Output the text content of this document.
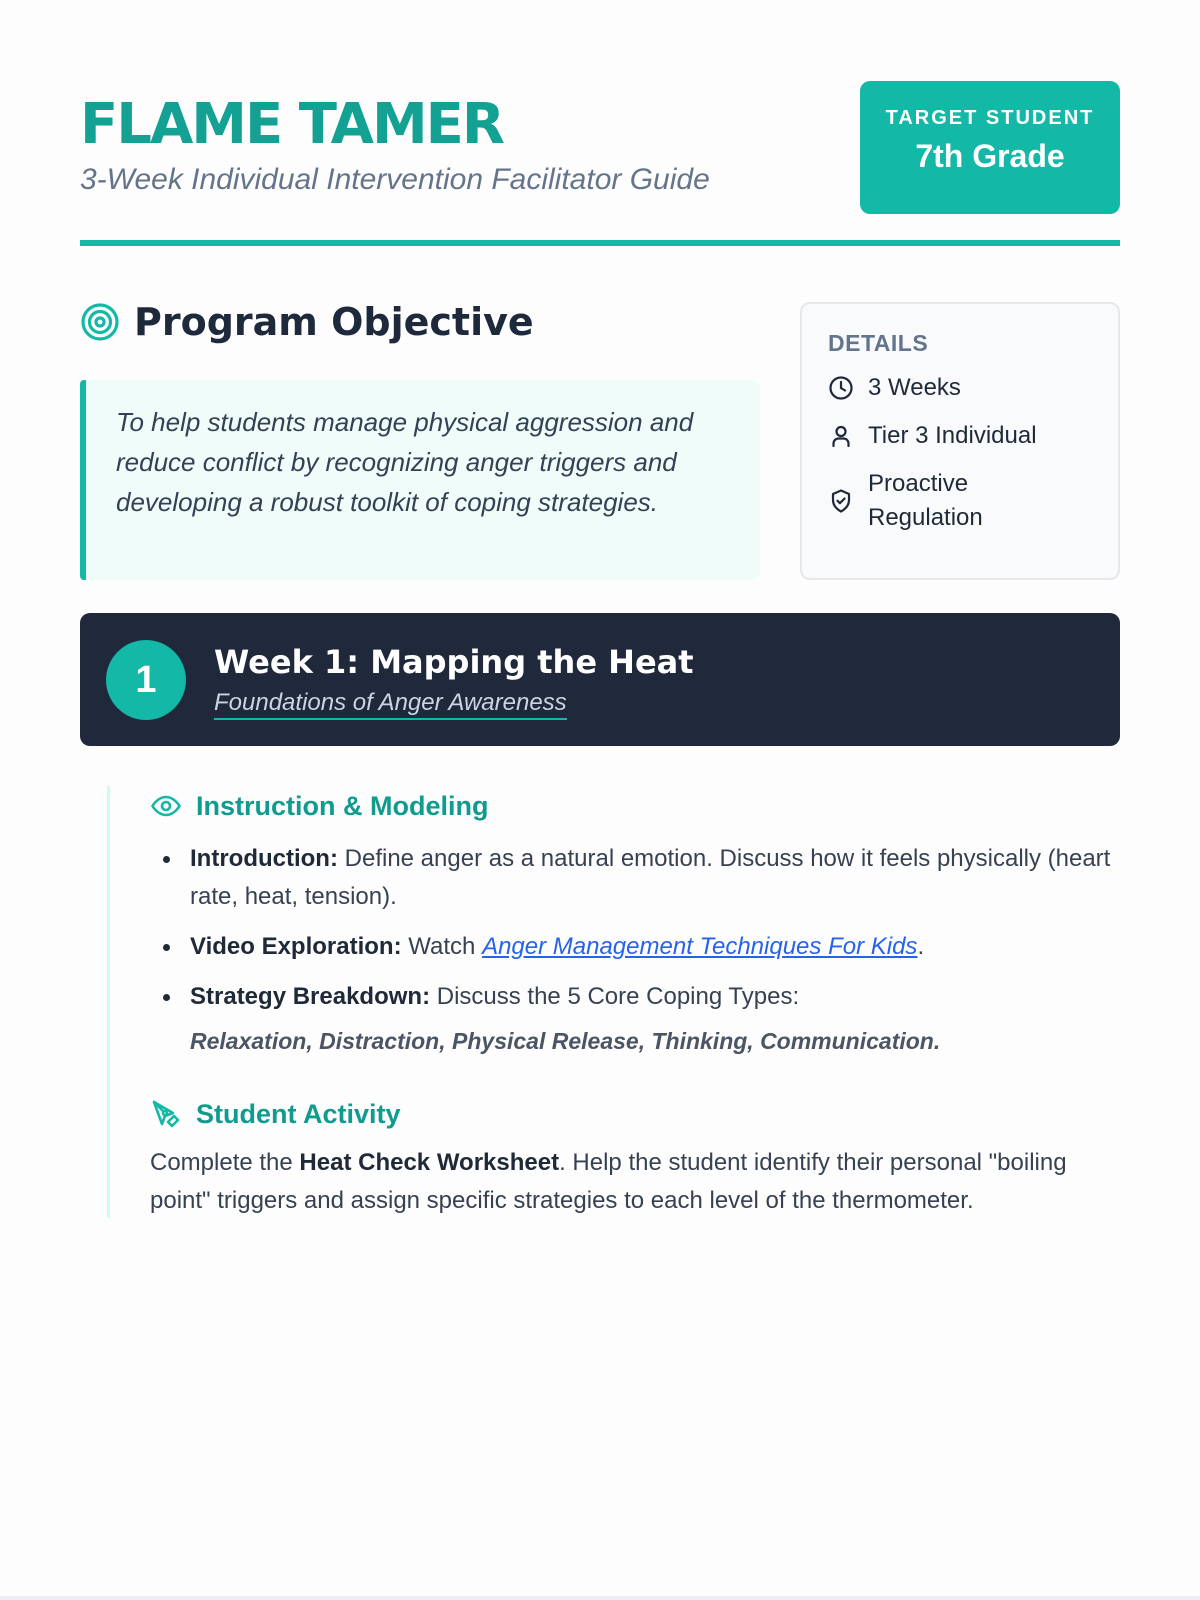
FLAME TAMER
3-Week Individual Intervention Facilitator Guide
TARGET STUDENT
7th Grade
Program Objective

To help students manage physical aggression and reduce conflict by recognizing anger triggers and developing a robust toolkit of coping strategies.

DETAILS
3 Weeks
Tier 3 Individual
Proactive Regulation
1	Week 1: Mapping the Heat
Foundations of Anger Awareness
Instruction & Modeling
Introduction: Define anger as a natural emotion. Discuss how it feels physically (heart rate, heat, tension).
Video Exploration: Watch Anger Management Techniques For Kids.
Strategy Breakdown: Discuss the 5 Core Coping Types:
Relaxation, Distraction, Physical Release, Thinking, Communication.
Student Activity

Complete the Heat Check Worksheet. Help the student identify their personal "boiling point" triggers and assign specific strategies to each level of the thermometer.
